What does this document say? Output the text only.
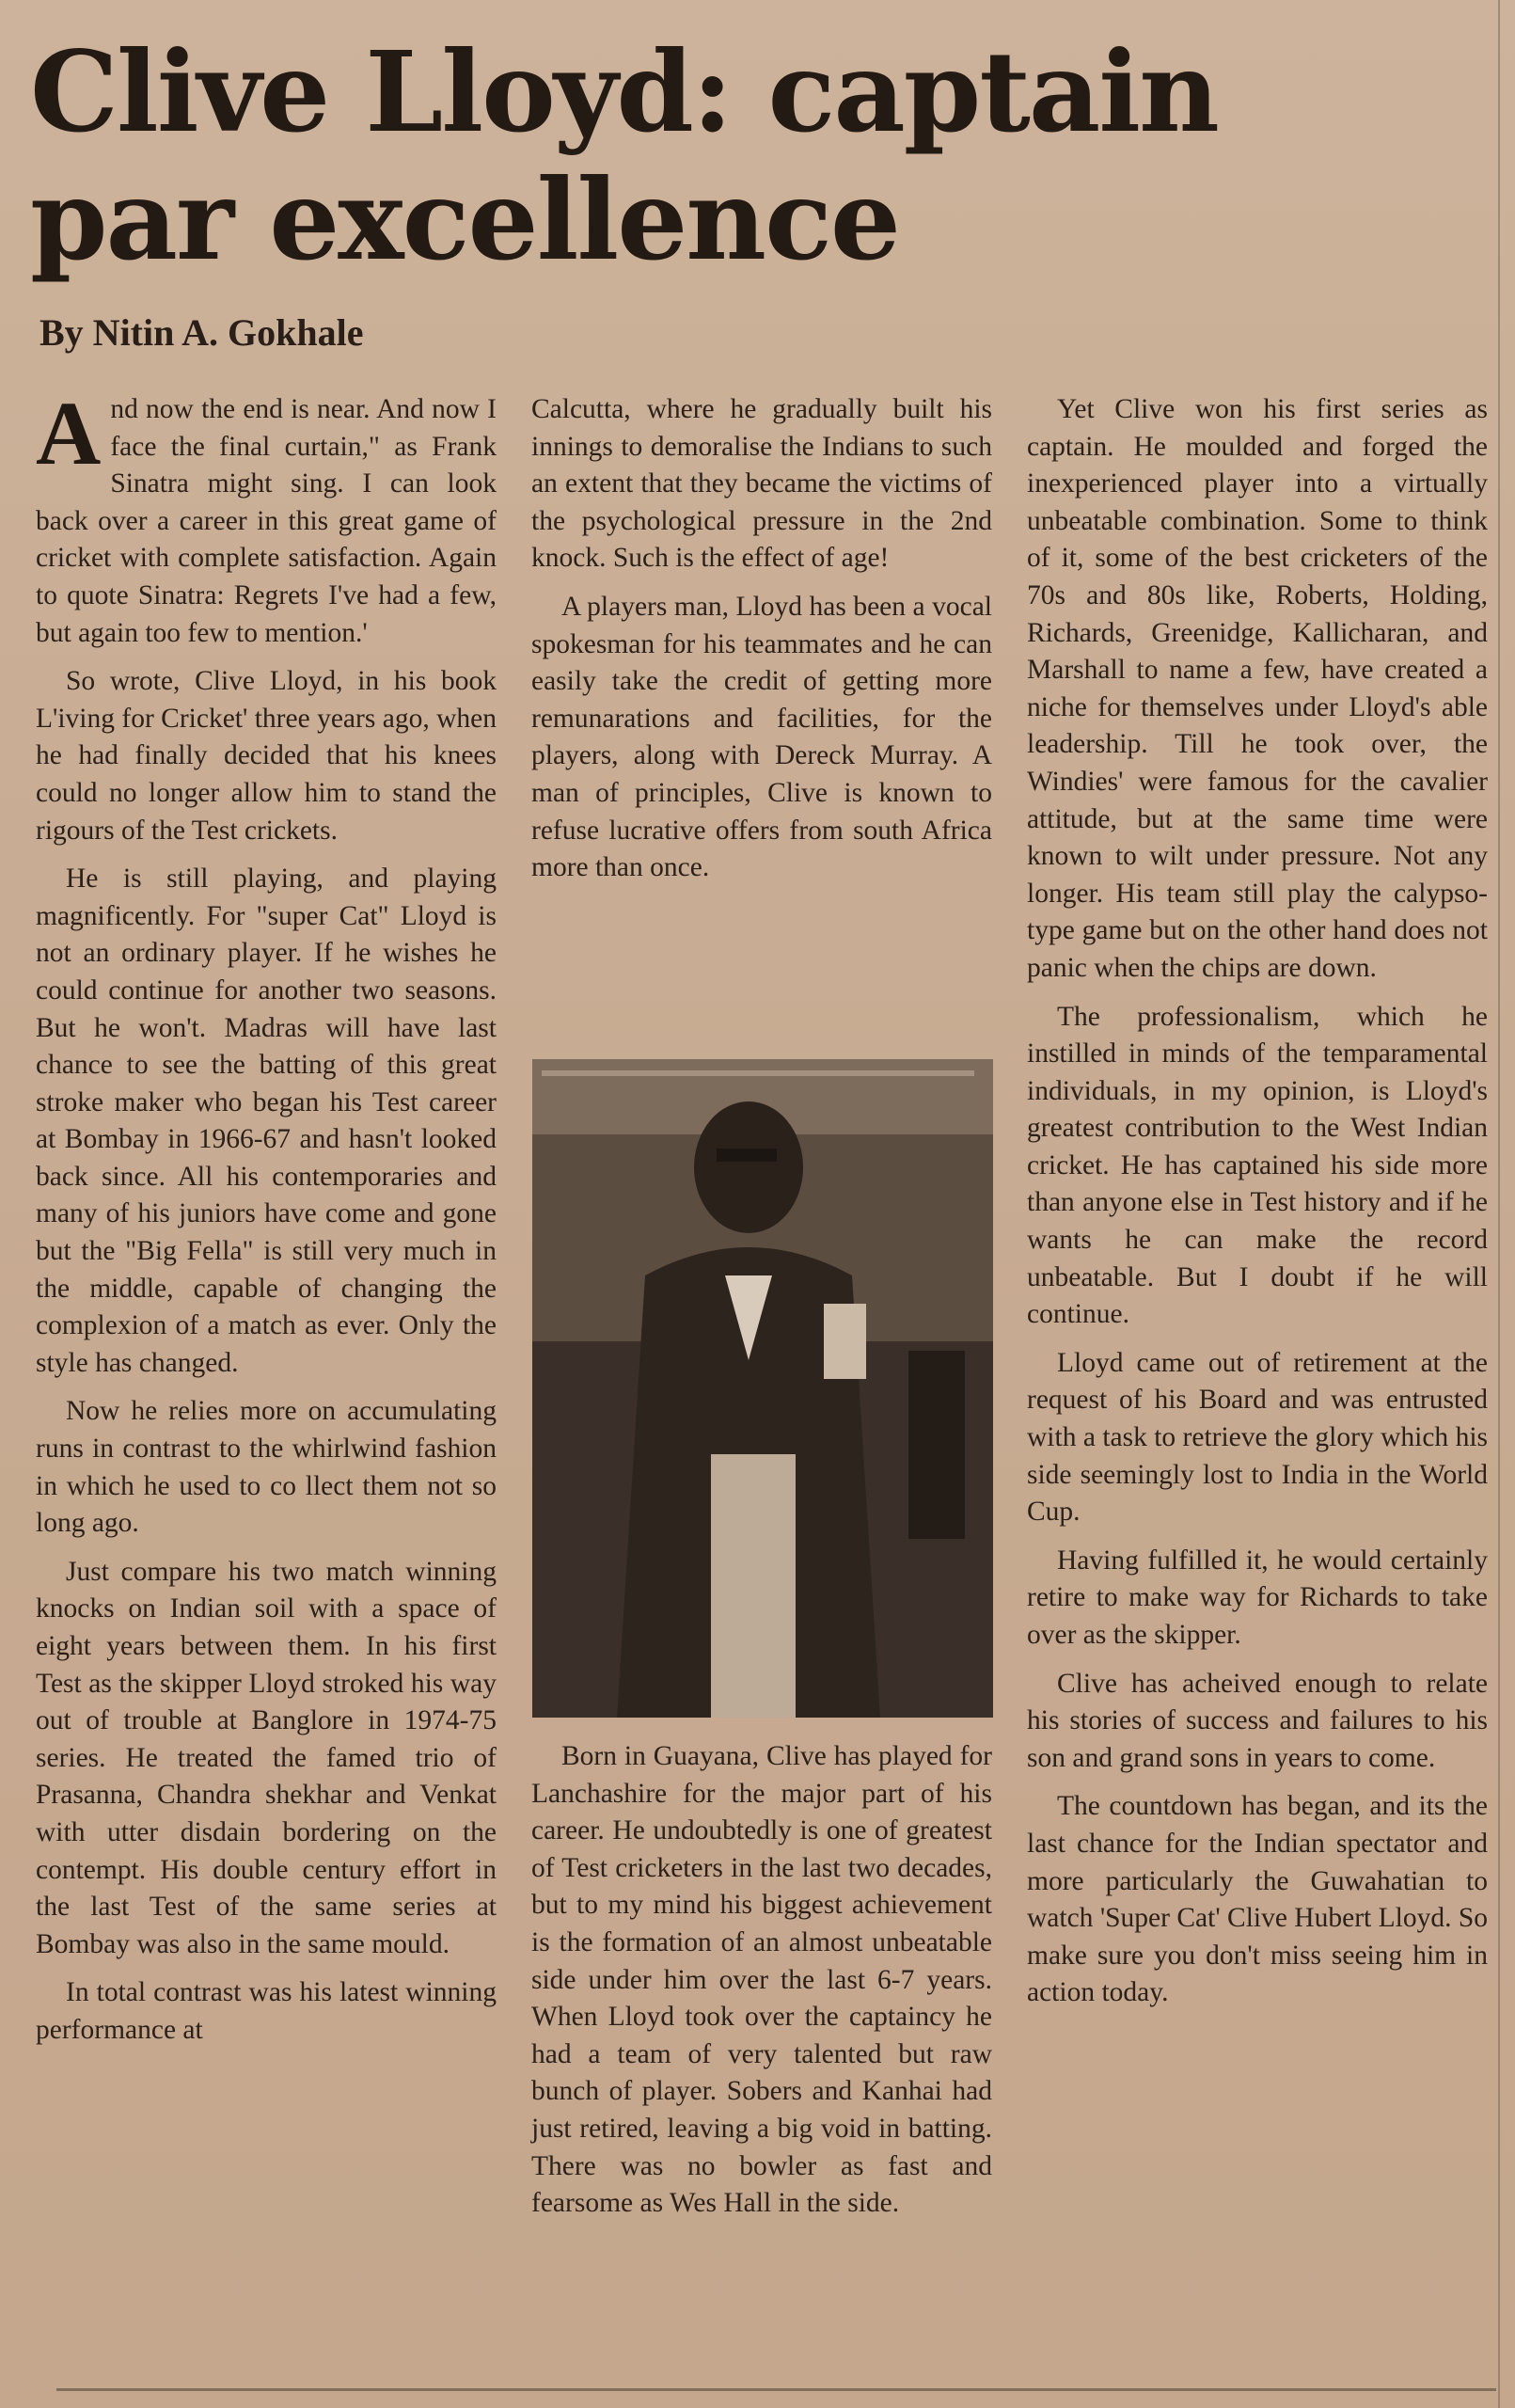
Clive Lloyd: captain par excellence
By Nitin A. Gokhale

And now the end is near. And now I face the final curtain," as Frank Sinatra might sing. I can look back over a career in this great game of cricket with complete satisfaction. Again to quote Sinatra: Regrets I've had a few, but again too few to mention.'

So wrote, Clive Lloyd, in his book L'iving for Cricket' three years ago, when he had finally decided that his knees could no longer allow him to stand the rigours of the Test crickets.

He is still playing, and playing magnificently. For "super Cat" Lloyd is not an ordinary player. If he wishes he could continue for another two seasons. But he won't. Madras will have last chance to see the batting of this great stroke maker who began his Test career at Bombay in 1966-67 and hasn't looked back since. All his contemporaries and many of his juniors have come and gone but the "Big Fella" is still very much in the middle, capable of changing the complexion of a match as ever. Only the style has changed.

Now he relies more on accumulating runs in contrast to the whirlwind fashion in which he used to co llect them not so long ago.

Just compare his two match winning knocks on Indian soil with a space of eight years between them. In his first Test as the skipper Lloyd stroked his way out of trouble at Banglore in 1974-75 series. He treated the famed trio of Prasanna, Chandra shekhar and Venkat with utter disdain bordering on the contempt. His double century effort in the last Test of the same series at Bombay was also in the same mould.

In total contrast was his latest winning performance at

Calcutta, where he gradually built his innings to demoralise the Indians to such an extent that they became the victims of the psychological pressure in the 2nd knock. Such is the effect of age!

A players man, Lloyd has been a vocal spokesman for his teammates and he can easily take the credit of getting more remunarations and facilities, for the players, along with Dereck Murray. A man of principles, Clive is known to refuse lucrative offers from south Africa more than once.

Born in Guayana, Clive has played for Lanchashire for the major part of his career. He undoubtedly is one of greatest of Test cricketers in the last two decades, but to my mind his biggest achievement is the formation of an almost unbeatable side under him over the last 6-7 years. When Lloyd took over the captaincy he had a team of very talented but raw bunch of player. Sobers and Kanhai had just retired, leaving a big void in batting. There was no bowler as fast and fearsome as Wes Hall in the side.

Yet Clive won his first series as captain. He moulded and forged the inexperienced player into a virtually unbeatable combination. Some to think of it, some of the best cricketers of the 70s and 80s like, Roberts, Holding, Richards, Greenidge, Kallicharan, and Marshall to name a few, have created a niche for themselves under Lloyd's able leadership. Till he took over, the Windies' were famous for the cavalier attitude, but at the same time were known to wilt under pressure. Not any longer. His team still play the calypso-type game but on the other hand does not panic when the chips are down.

The professionalism, which he instilled in minds of the temparamental individuals, in my opinion, is Lloyd's greatest contribution to the West Indian cricket. He has captained his side more than anyone else in Test history and if he wants he can make the record unbeatable. But I doubt if he will continue.

Lloyd came out of retirement at the request of his Board and was entrusted with a task to retrieve the glory which his side seemingly lost to India in the World Cup.

Having fulfilled it, he would certainly retire to make way for Richards to take over as the skipper.

Clive has acheived enough to relate his stories of success and failures to his son and grand sons in years to come.

The countdown has began, and its the last chance for the Indian spectator and more particularly the Guwahatian to watch 'Super Cat' Clive Hubert Lloyd. So make sure you don't miss seeing him in action today.
